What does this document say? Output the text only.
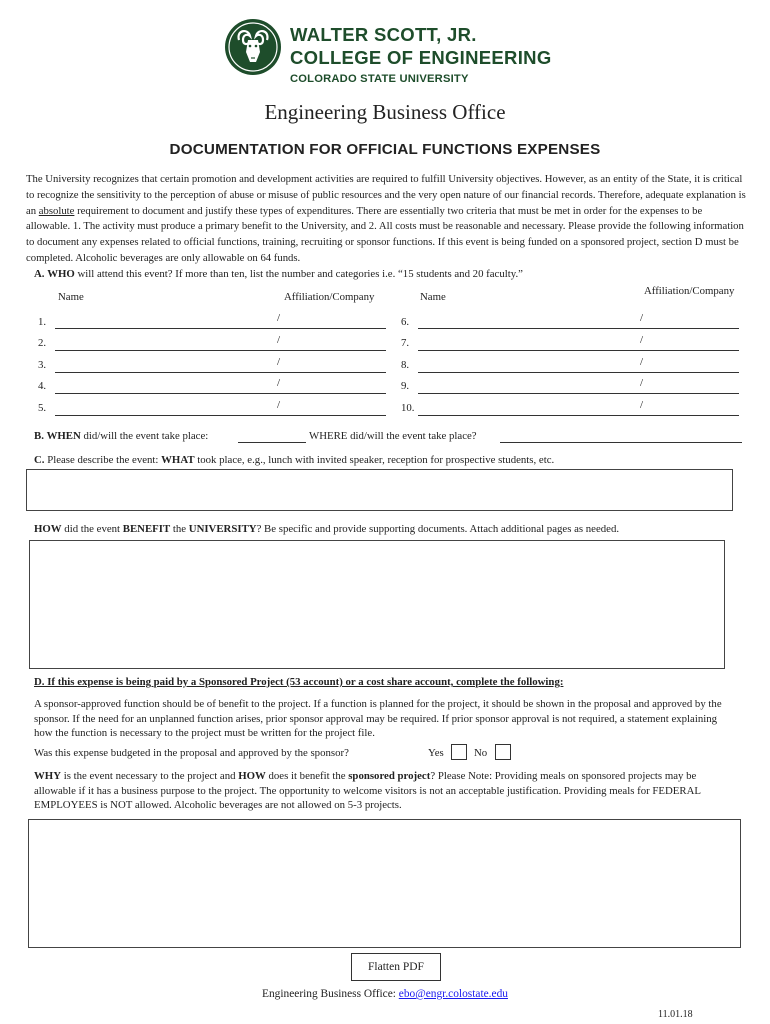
WALTER SCOTT, JR.
COLLEGE OF ENGINEERING
COLORADO STATE UNIVERSITY
Engineering Business Office
DOCUMENTATION FOR OFFICIAL FUNCTIONS EXPENSES
The University recognizes that certain promotion and development activities are required to fulfill University objectives. However, as an entity of the State, it is critical to recognize the sensitivity to the perception of abuse or misuse of public resources and the very open nature of our financial records. Therefore, adequate explanation is an absolute requirement to document and justify these types of expenditures. There are essentially two criteria that must be met in order for the expenses to be allowable. 1. The activity must produce a primary benefit to the University, and 2. All costs must be reasonable and necessary. Please provide the following information to document any expenses related to official functions, training, recruiting or sponsor functions. If this event is being funded on a sponsored project, section D must be completed. Alcoholic beverages are only allowable on 64 funds.
A. WHO will attend this event? If more than ten, list the number and categories i.e. “15 students and 20 faculty.”
Name	Affiliation/Company	Name	Affiliation/Company
1.	/
2.	/
3.	/
4.	/
5.	/
6.	/
7.	/
8.	/
9.	/
10.	/
B. WHEN did/will the event take place:	WHERE did/will the event take place?
C. Please describe the event: WHAT took place, e.g., lunch with invited speaker, reception for prospective students, etc.
HOW did the event BENEFIT the UNIVERSITY? Be specific and provide supporting documents. Attach additional pages as needed.
D. If this expense is being paid by a Sponsored Project (53 account) or a cost share account, complete the following:
A sponsor-approved function should be of benefit to the project. If a function is planned for the project, it should be shown in the proposal and approved by the sponsor. If the need for an unplanned function arises, prior sponsor approval may be required. If prior sponsor approval is not required, a statement explaining how the function is necessary to the project must be written for the project file.
Was this expense budgeted in the proposal and approved by the sponsor?	Yes	No
WHY is the event necessary to the project and HOW does it benefit the sponsored project? Please Note: Providing meals on sponsored projects may be allowable if it has a business purpose to the project. The opportunity to welcome visitors is not an acceptable justification. Providing meals for FEDERAL EMPLOYEES is NOT allowed. Alcoholic beverages are not allowed on 5-3 projects.
Flatten PDF
Engineering Business Office: ebo@engr.colostate.edu
11.01.18
